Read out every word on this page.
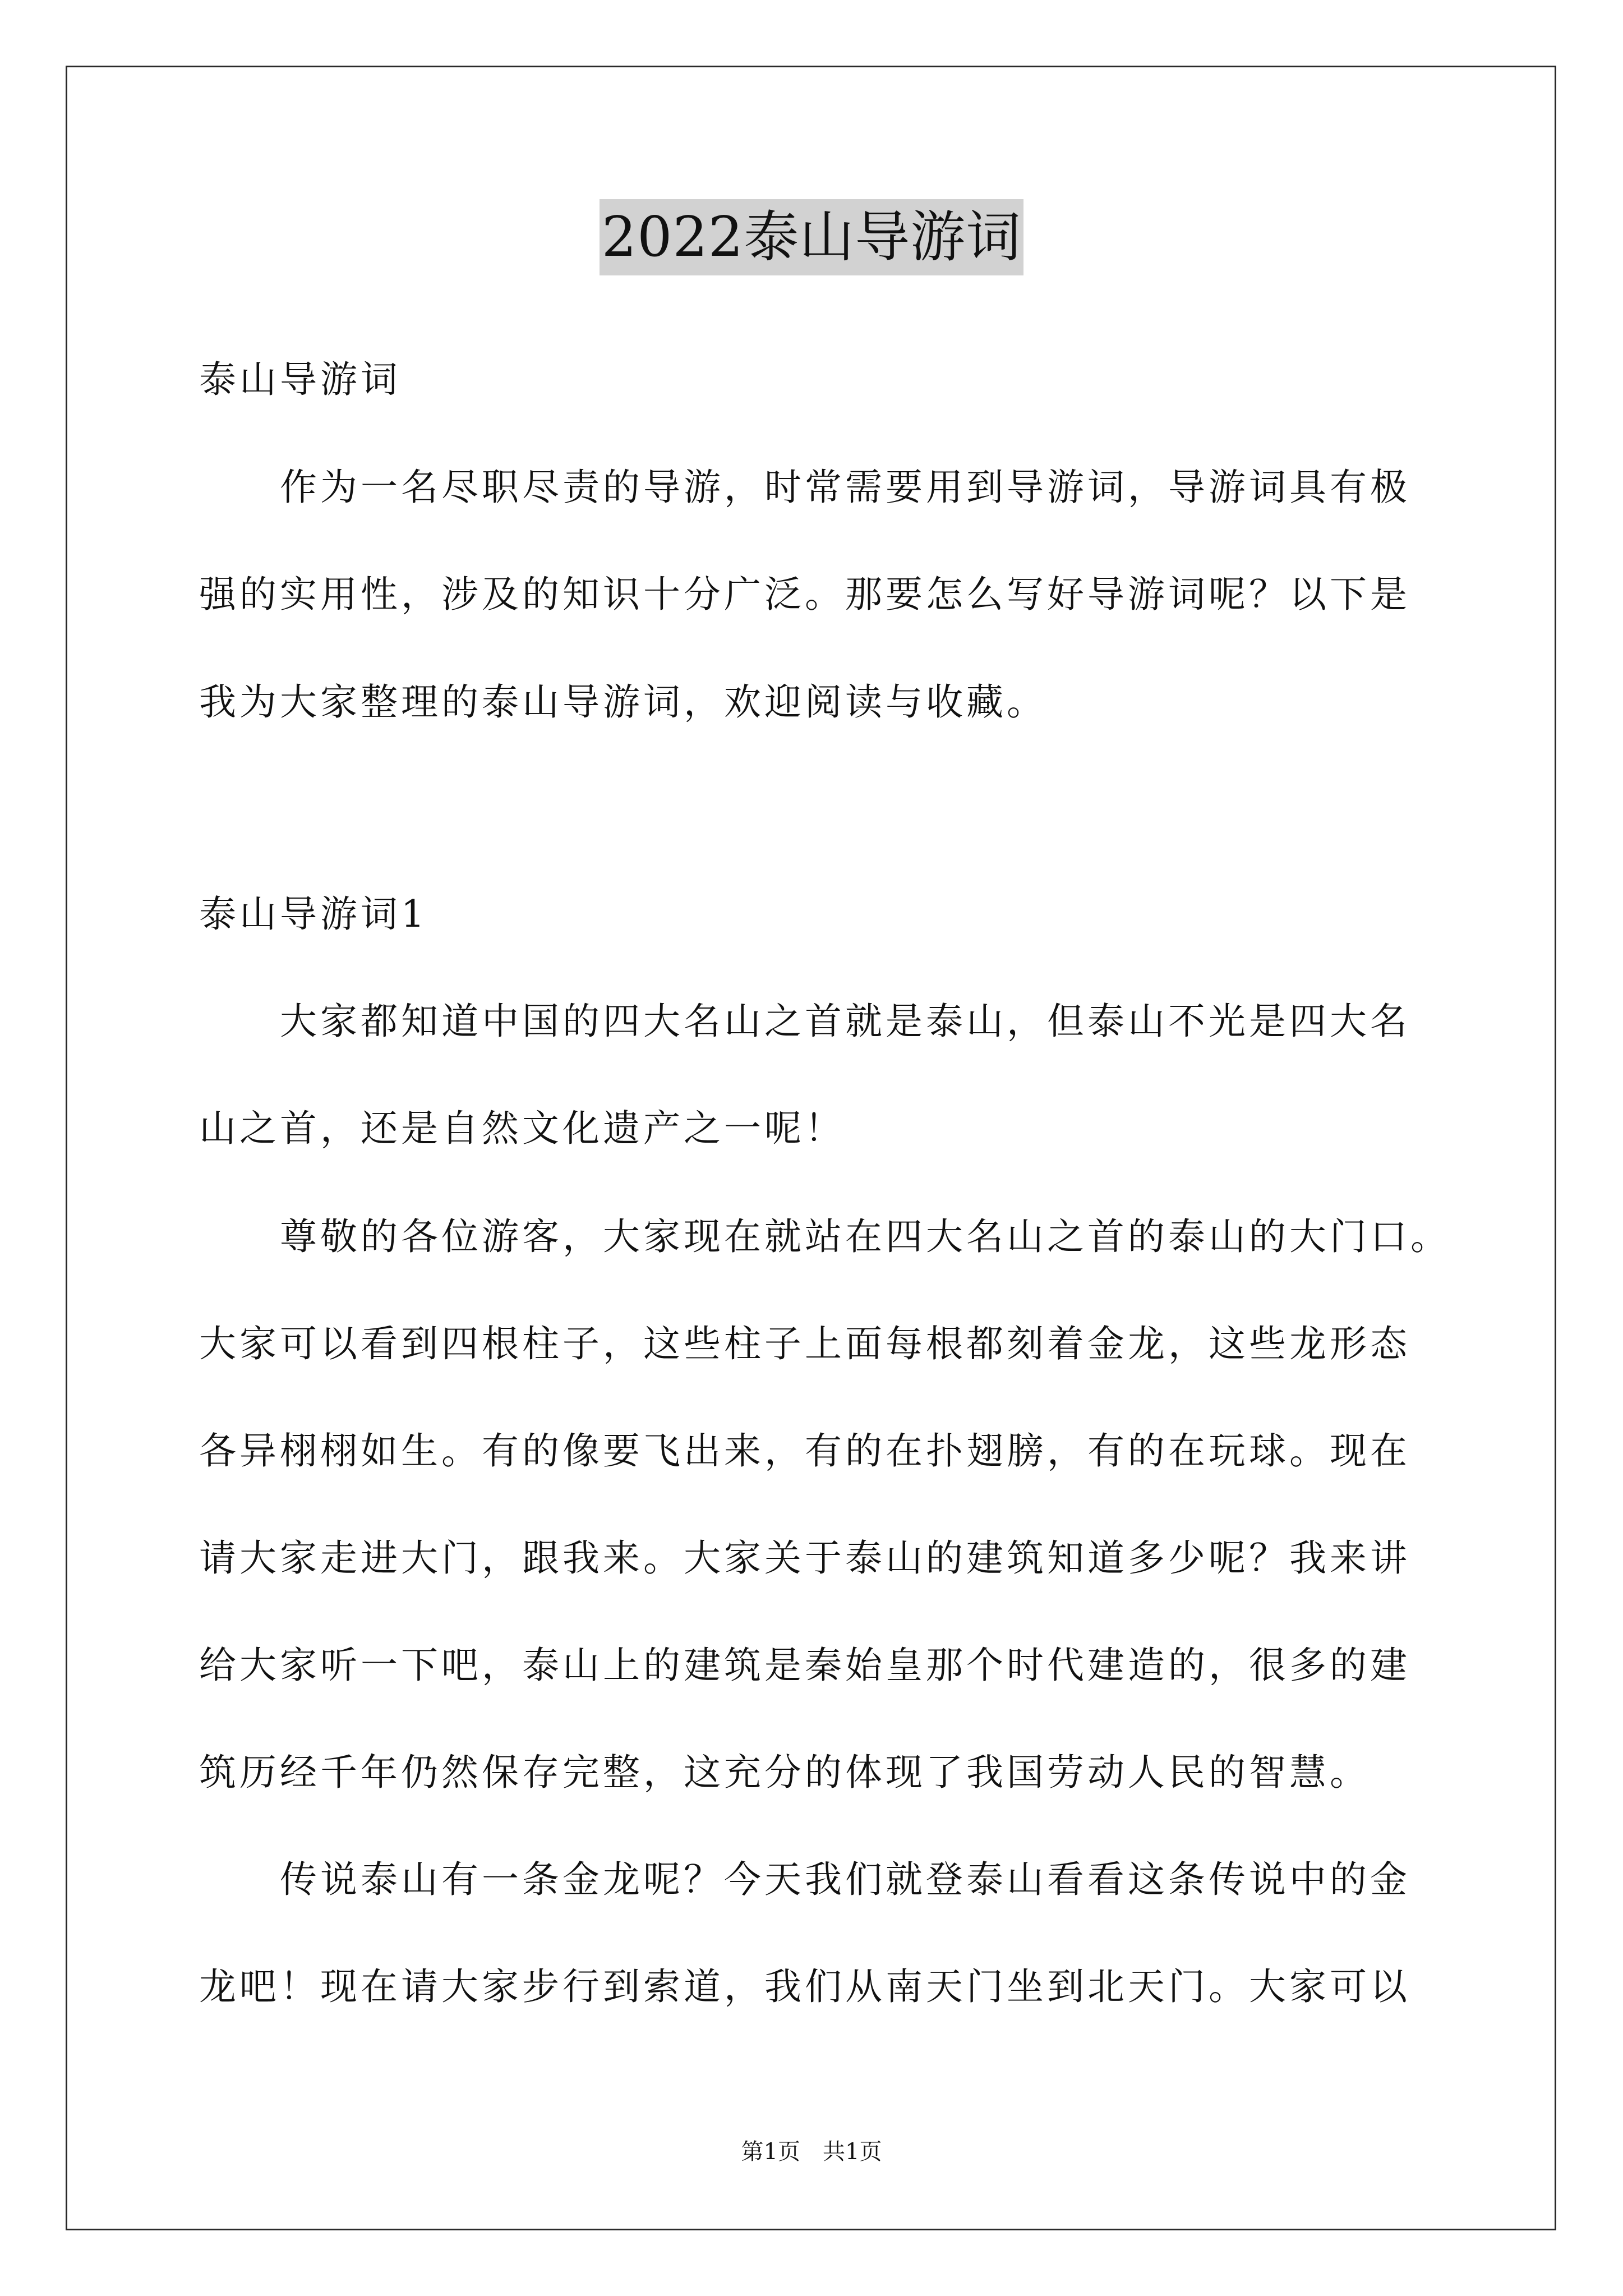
2022泰山导游词
泰山导游词
　　作为一名尽职尽责的导游，时常需要用到导游词，导游词具有极
强的实用性，涉及的知识十分广泛。那要怎么写好导游词呢？以下是
我为大家整理的泰山导游词，欢迎阅读与收藏。
泰山导游词1
　　大家都知道中国的四大名山之首就是泰山，但泰山不光是四大名
山之首，还是自然文化遗产之一呢！
　　尊敬的各位游客，大家现在就站在四大名山之首的泰山的大门口。
大家可以看到四根柱子，这些柱子上面每根都刻着金龙，这些龙形态
各异栩栩如生。有的像要飞出来，有的在扑翅膀，有的在玩球。现在
请大家走进大门，跟我来。大家关于泰山的建筑知道多少呢？我来讲
给大家听一下吧，泰山上的建筑是秦始皇那个时代建造的，很多的建
筑历经千年仍然保存完整，这充分的体现了我国劳动人民的智慧。
　　传说泰山有一条金龙呢？今天我们就登泰山看看这条传说中的金
龙吧！现在请大家步行到索道，我们从南天门坐到北天门。大家可以
第1页　共1页
